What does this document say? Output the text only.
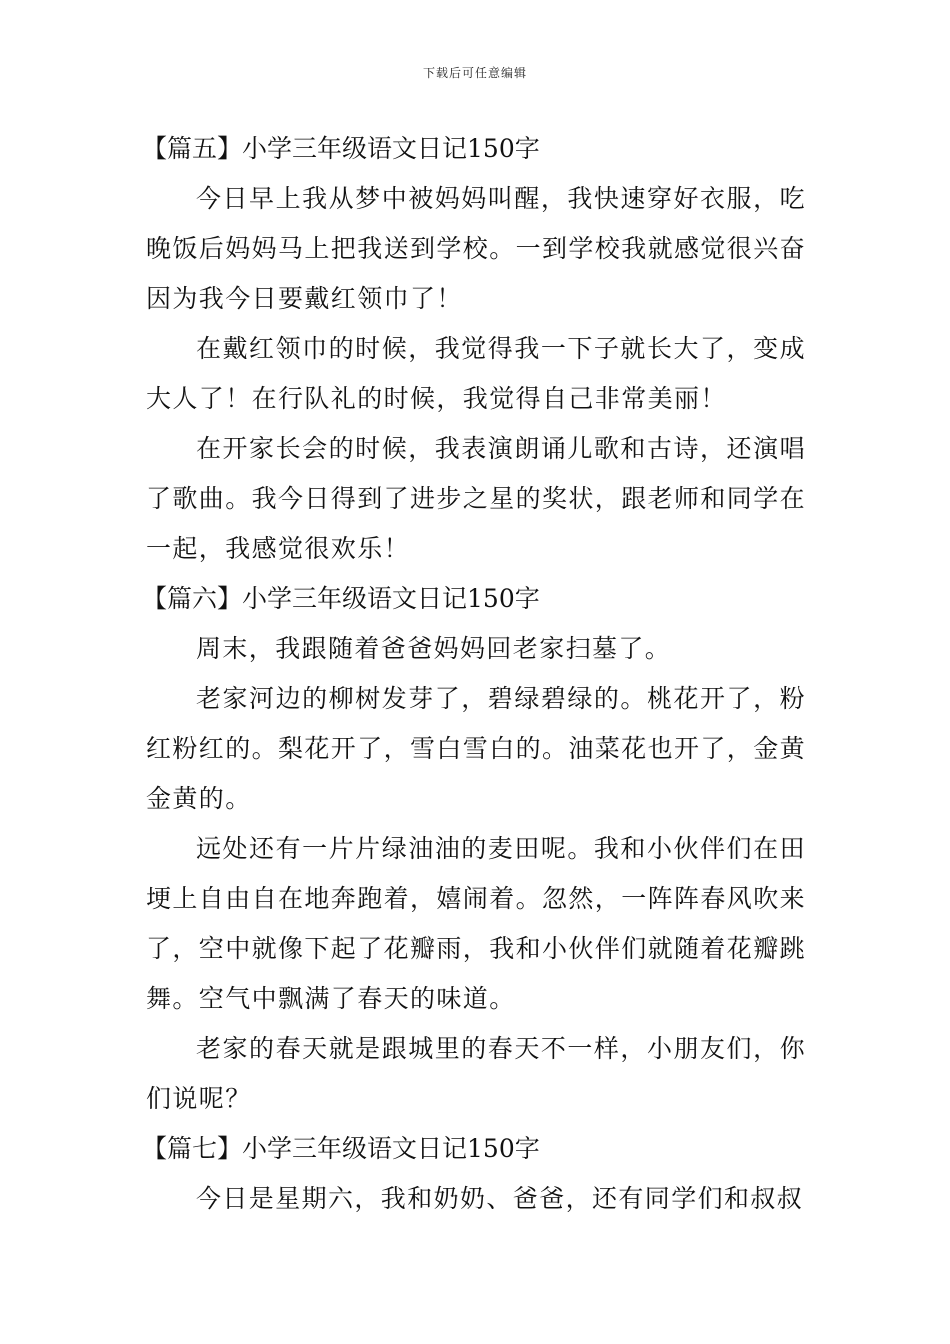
下载后可任意编辑
【篇五】小学三年级语文日记150字

今日早上我从梦中被妈妈叫醒，我快速穿好衣服，吃晚饭后妈妈马上把我送到学校。一到学校我就感觉很兴奋因为我今日要戴红领巾了！

在戴红领巾的时候，我觉得我一下子就长大了，变成大人了！在行队礼的时候，我觉得自己非常美丽！

在开家长会的时候，我表演朗诵儿歌和古诗，还演唱了歌曲。我今日得到了进步之星的奖状，跟老师和同学在一起，我感觉很欢乐！

【篇六】小学三年级语文日记150字

周末，我跟随着爸爸妈妈回老家扫墓了。

老家河边的柳树发芽了，碧绿碧绿的。桃花开了，粉红粉红的。梨花开了，雪白雪白的。油菜花也开了，金黄金黄的。

远处还有一片片绿油油的麦田呢。我和小伙伴们在田埂上自由自在地奔跑着，嬉闹着。忽然，一阵阵春风吹来了，空中就像下起了花瓣雨，我和小伙伴们就随着花瓣跳舞。空气中飘满了春天的味道。

老家的春天就是跟城里的春天不一样，小朋友们，你们说呢？

【篇七】小学三年级语文日记150字

今日是星期六，我和奶奶、爸爸，还有同学们和叔叔
